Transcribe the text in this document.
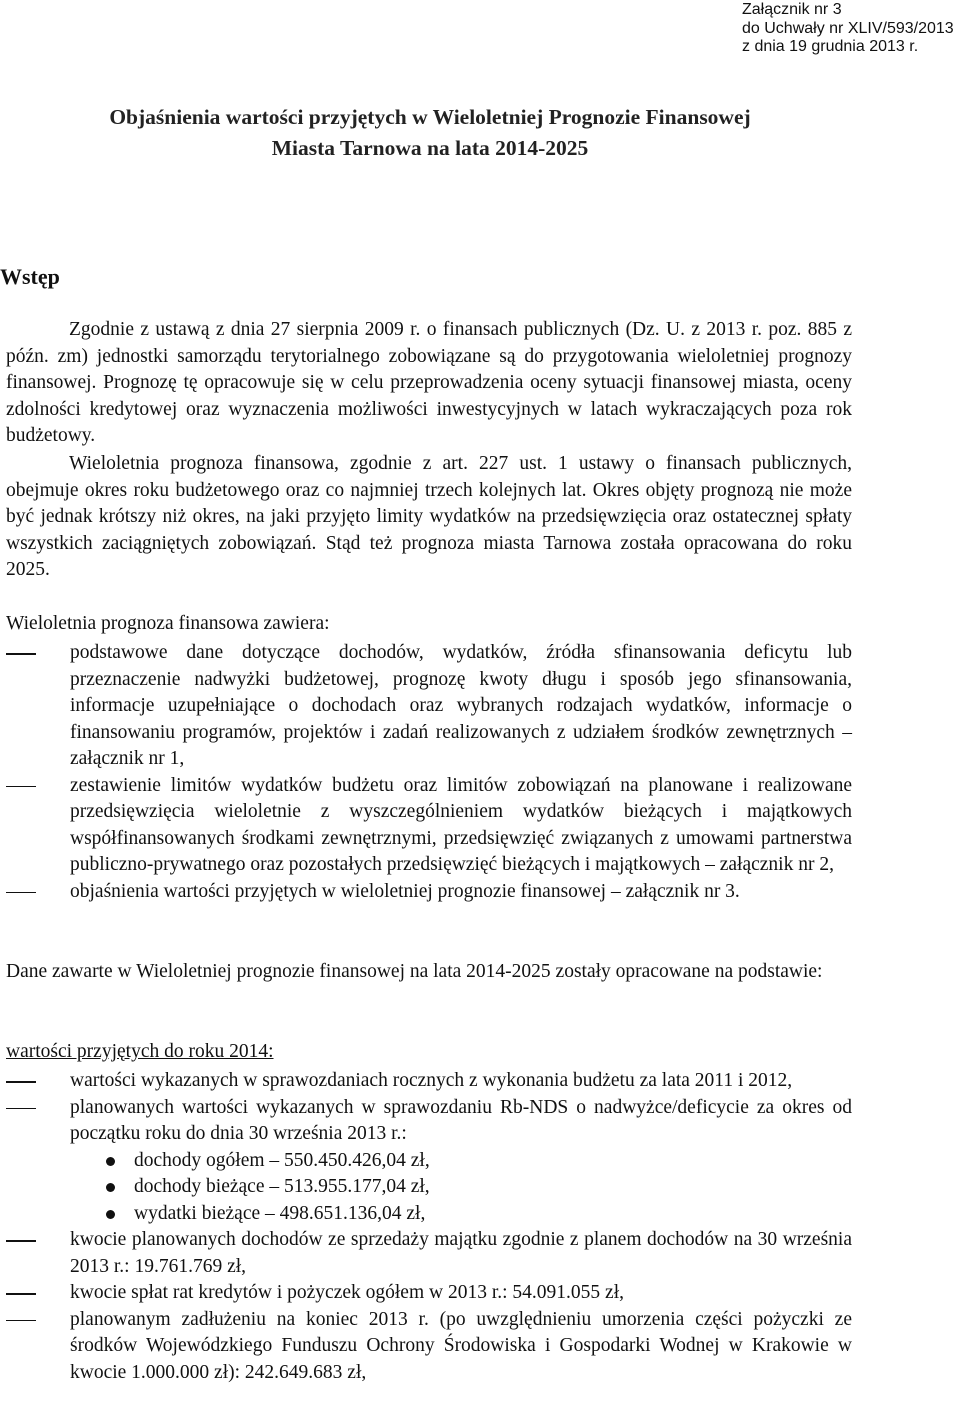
Załącznik nr 3
do Uchwały nr XLIV/593/2013
z dnia 19 grudnia 2013 r.
Objaśnienia wartości przyjętych w Wieloletniej Prognozie Finansowej
Miasta Tarnowa na lata 2014-2025
Wstęp
Zgodnie z ustawą z dnia 27 sierpnia 2009 r. o finansach publicznych (Dz. U. z 2013 r. poz. 885 z późn. zm) jednostki samorządu terytorialnego zobowiązane są do przygotowania wieloletniej prognozy finansowej. Prognozę tę opracowuje się w celu przeprowadzenia oceny sytuacji finansowej miasta, oceny zdolności kredytowej oraz wyznaczenia możliwości inwestycyjnych w latach wykraczających poza rok budżetowy.
Wieloletnia prognoza finansowa, zgodnie z art. 227 ust. 1 ustawy o finansach publicznych, obejmuje okres roku budżetowego oraz co najmniej trzech kolejnych lat. Okres objęty prognozą nie może być jednak krótszy niż okres, na jaki przyjęto limity wydatków na przedsięwzięcia oraz ostatecznej spłaty wszystkich zaciągniętych zobowiązań. Stąd też prognoza miasta Tarnowa została opracowana do roku 2025.
Wieloletnia prognoza finansowa zawiera:
podstawowe dane dotyczące dochodów, wydatków, źródła sfinansowania deficytu lub przeznaczenie nadwyżki budżetowej, prognozę kwoty długu i sposób jego sfinansowania, informacje uzupełniające o dochodach oraz wybranych rodzajach wydatków, informacje o finansowaniu programów, projektów i zadań realizowanych z udziałem środków zewnętrznych – załącznik nr 1,
zestawienie limitów wydatków budżetu oraz limitów zobowiązań na planowane i realizowane przedsięwzięcia wieloletnie z wyszczególnieniem wydatków bieżących i majątkowych współfinansowanych środkami zewnętrznymi, przedsięwzięć związanych z umowami partnerstwa publiczno-prywatnego oraz pozostałych przedsięwzięć bieżących i majątkowych – załącznik nr 2,
objaśnienia wartości przyjętych w wieloletniej prognozie finansowej – załącznik nr 3.
Dane zawarte w Wieloletniej prognozie finansowej na lata 2014-2025 zostały opracowane na podstawie:
wartości przyjętych do roku 2014:
wartości wykazanych w sprawozdaniach rocznych z wykonania budżetu za lata 2011 i 2012,
planowanych wartości wykazanych w sprawozdaniu Rb-NDS o nadwyżce/deficycie za okres od początku roku do dnia 30 września 2013 r.:
dochody ogółem – 550.450.426,04 zł,
dochody bieżące – 513.955.177,04 zł,
wydatki bieżące – 498.651.136,04 zł,
kwocie planowanych dochodów ze sprzedaży majątku zgodnie z planem dochodów na 30 września 2013 r.: 19.761.769 zł,
kwocie spłat rat kredytów i pożyczek ogółem w 2013 r.: 54.091.055 zł,
planowanym zadłużeniu na koniec 2013 r. (po uwzględnieniu umorzenia części pożyczki ze środków Wojewódzkiego Funduszu Ochrony Środowiska i Gospodarki Wodnej w Krakowie w kwocie 1.000.000 zł): 242.649.683 zł,
